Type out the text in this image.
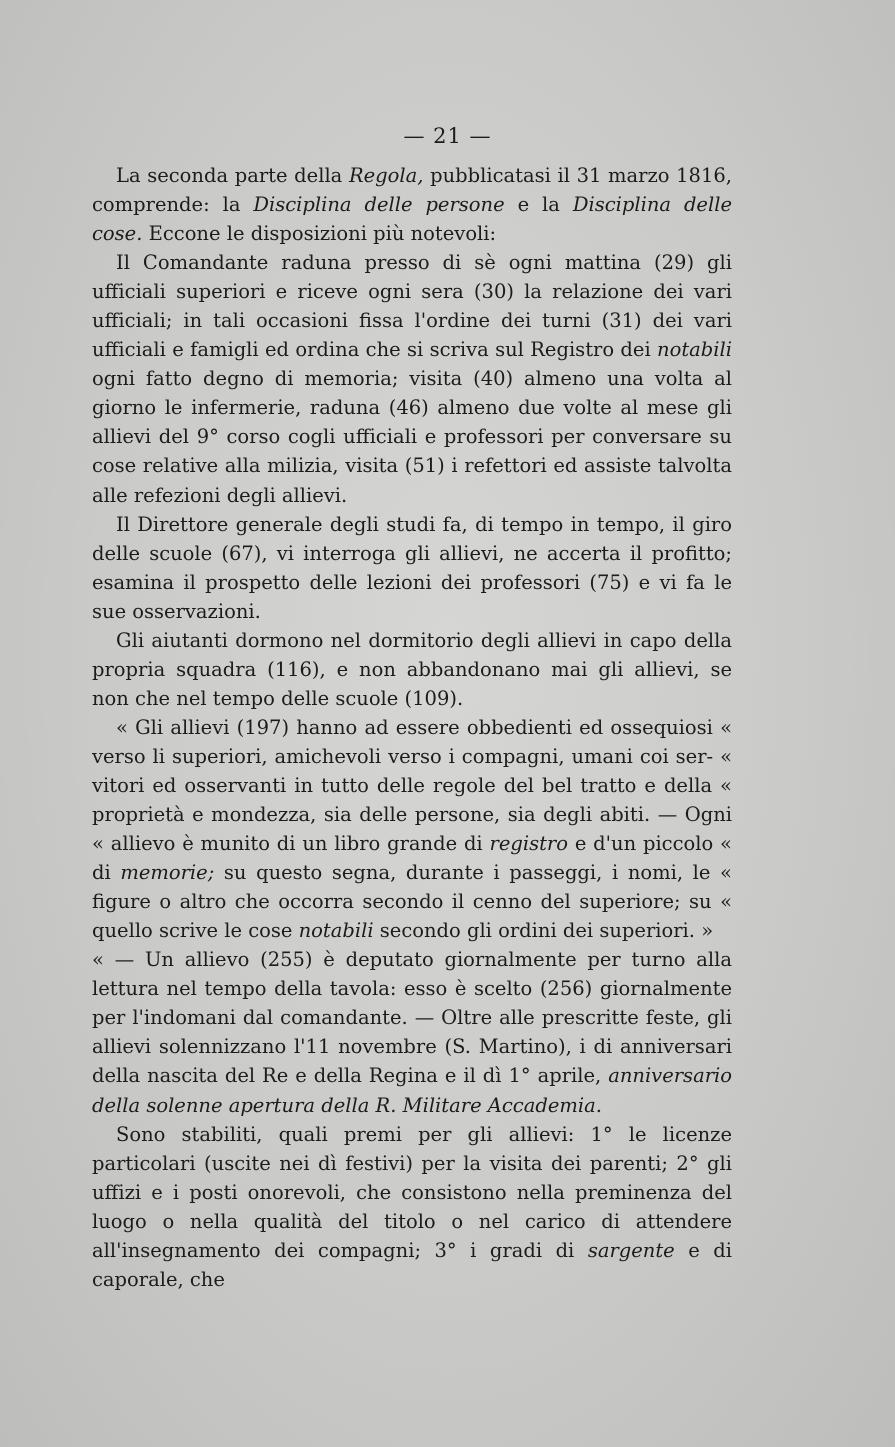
— 21 —

La seconda parte della Regola, pubblicatasi il 31 marzo 1816, comprende: la Disciplina delle persone e la Disciplina delle cose. Eccone le disposizioni più notevoli:

Il Comandante raduna presso di sè ogni mattina (29) gli ufficiali superiori e riceve ogni sera (30) la relazione dei vari ufficiali; in tali occasioni fissa l'ordine dei turni (31) dei vari ufficiali e famigli ed ordina che si scriva sul Registro dei notabili ogni fatto degno di memoria; visita (40) almeno una volta al giorno le infermerie, raduna (46) almeno due volte al mese gli allievi del 9° corso cogli ufficiali e professori per conversare su cose relative alla milizia, visita (51) i refettori ed assiste talvolta alle refezioni degli allievi.

Il Direttore generale degli studi fa, di tempo in tempo, il giro delle scuole (67), vi interroga gli allievi, ne accerta il profitto; esamina il prospetto delle lezioni dei professori (75) e vi fa le sue osservazioni.

Gli aiutanti dormono nel dormitorio degli allievi in capo della propria squadra (116), e non abbandonano mai gli allievi, se non che nel tempo delle scuole (109).

« Gli allievi (197) hanno ad essere obbedienti ed ossequiosi « verso li superiori, amichevoli verso i compagni, umani coi ser- « vitori ed osservanti in tutto delle regole del bel tratto e della « proprietà e mondezza, sia delle persone, sia degli abiti. — Ogni « allievo è munito di un libro grande di registro e d'un piccolo « di memorie; su questo segna, durante i passeggi, i nomi, le « figure o altro che occorra secondo il cenno del superiore; su « quello scrive le cose notabili secondo gli ordini dei superiori. »

« — Un allievo (255) è deputato giornalmente per turno alla lettura nel tempo della tavola: esso è scelto (256) giornalmente per l'indomani dal comandante. — Oltre alle prescritte feste, gli allievi solennizzano l'11 novembre (S. Martino), i di anniversari della nascita del Re e della Regina e il dì 1° aprile, anniversario della solenne apertura della R. Militare Accademia.

Sono stabiliti, quali premi per gli allievi: 1° le licenze particolari (uscite nei dì festivi) per la visita dei parenti; 2° gli uffizi e i posti onorevoli, che consistono nella preminenza del luogo o nella qualità del titolo o nel carico di attendere all'insegnamento dei compagni; 3° i gradi di sargente e di caporale, che
